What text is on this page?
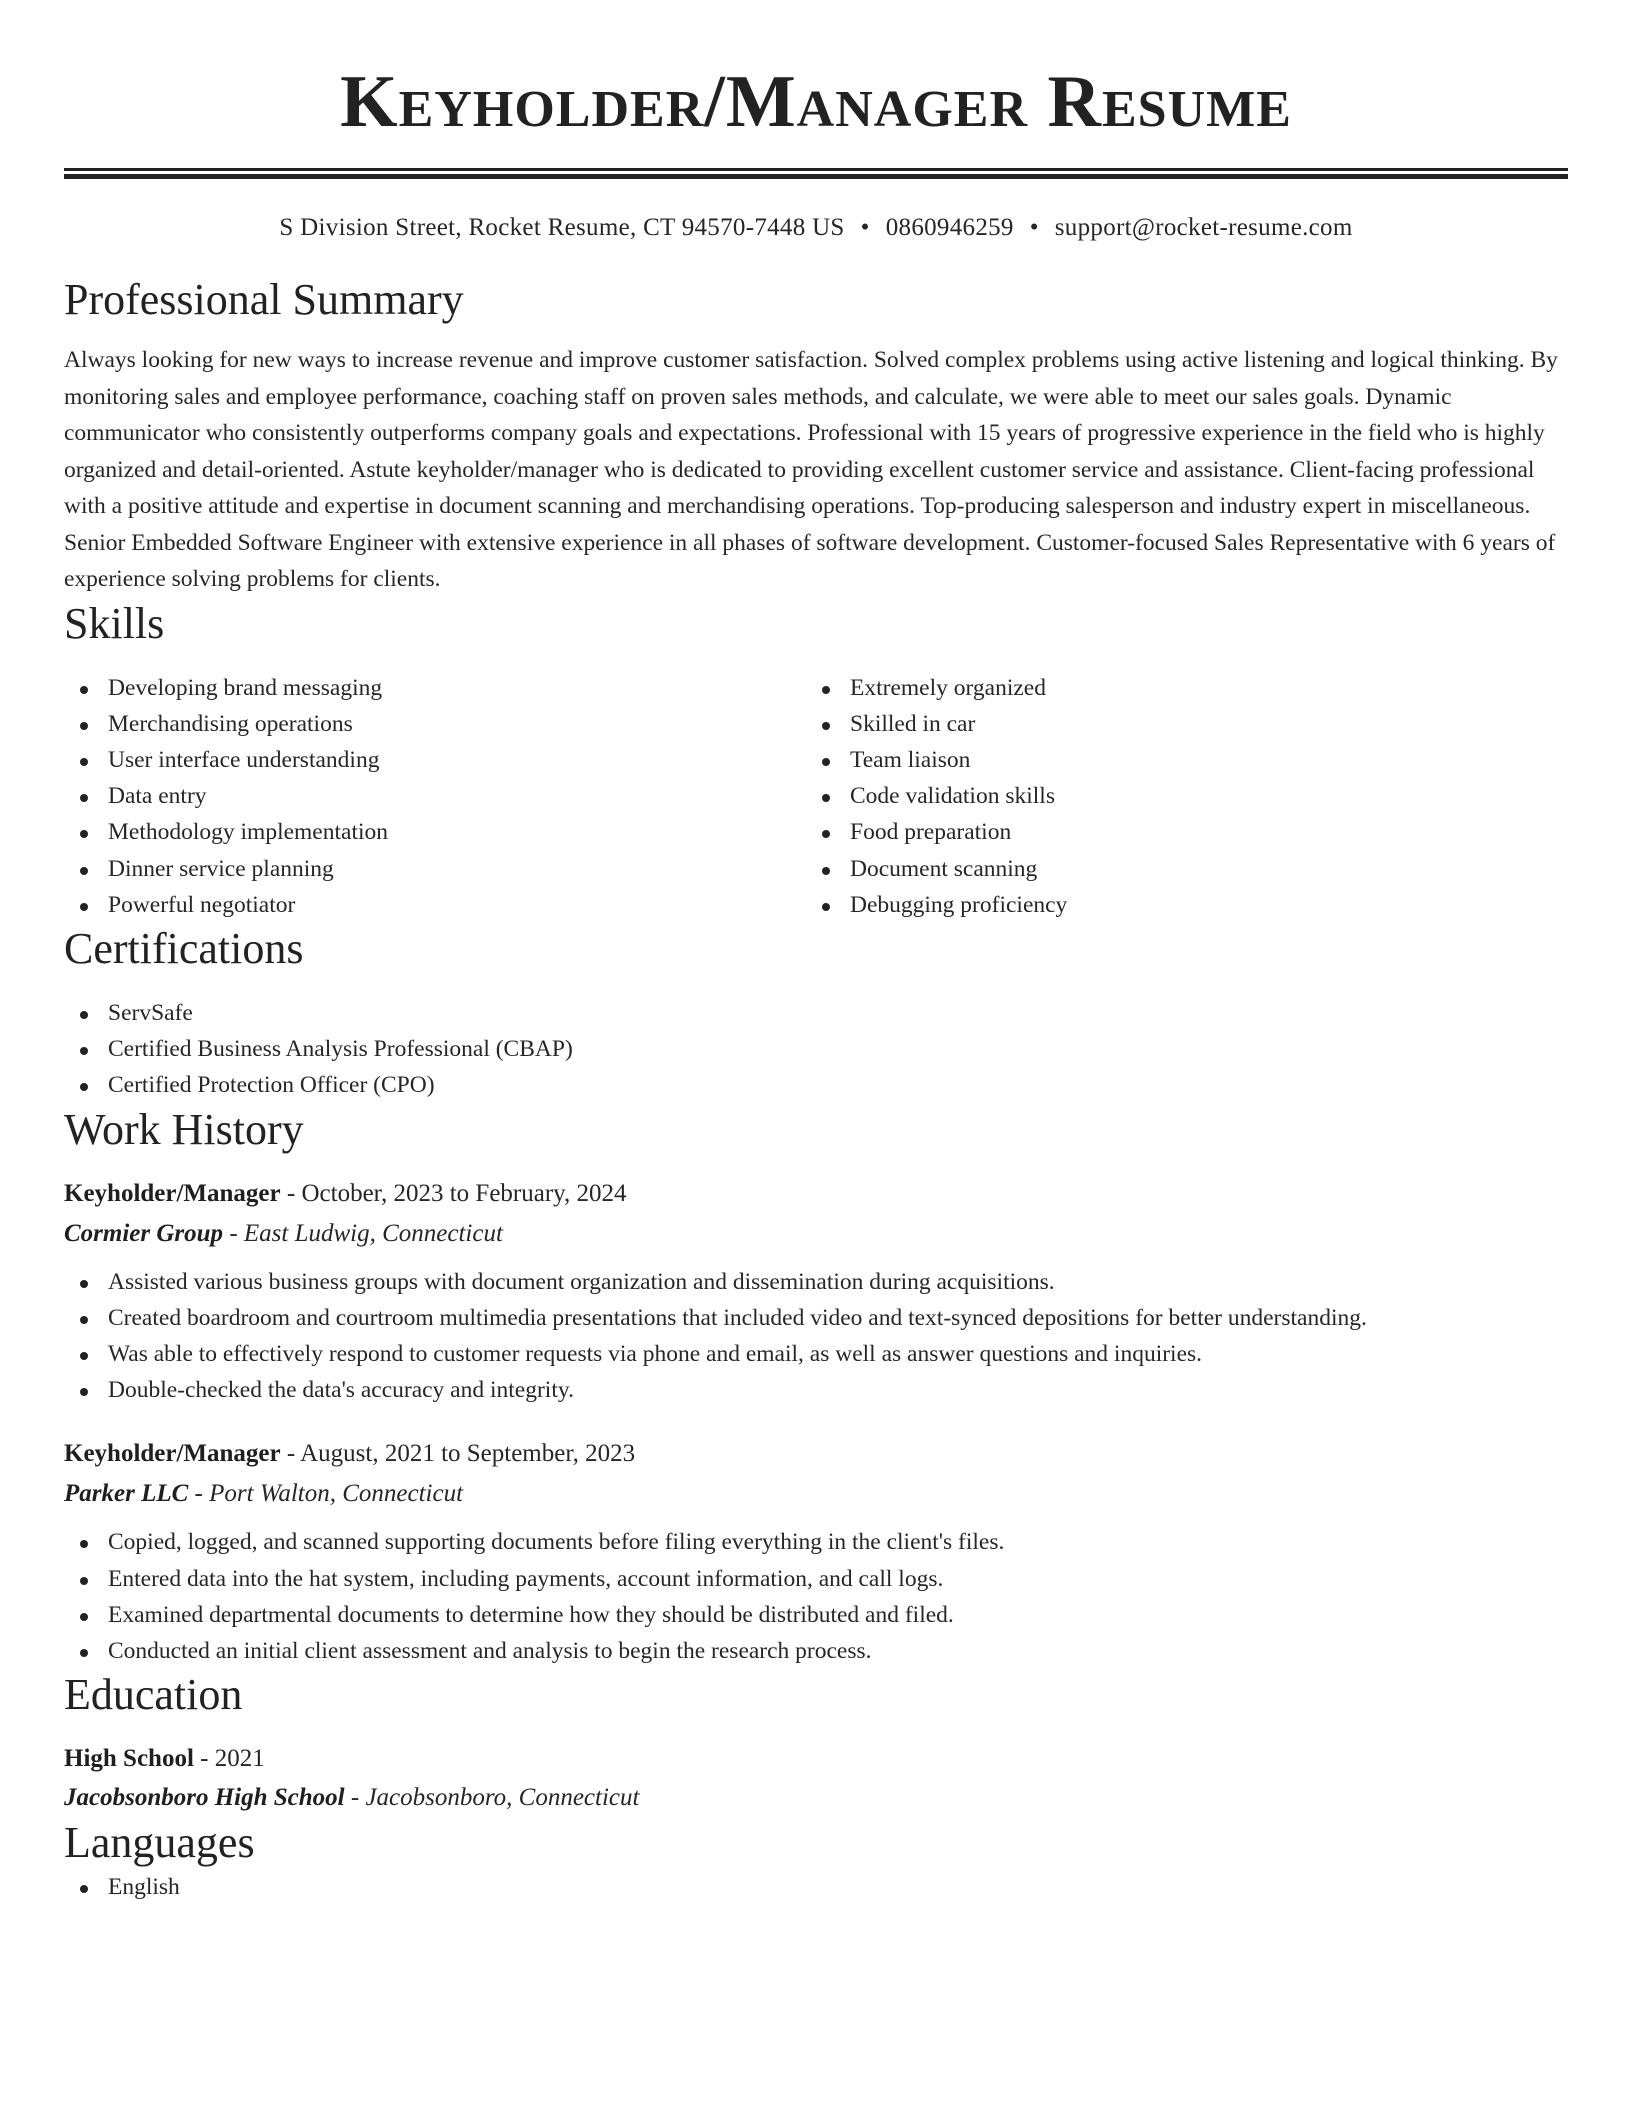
Keyholder/Manager Resume
S Division Street, Rocket Resume, CT 94570-7448 US • 0860946259 • support@rocket-resume.com
Professional Summary

Always looking for new ways to increase revenue and improve customer satisfaction. Solved complex problems using active listening and logical thinking. By monitoring sales and employee performance, coaching staff on proven sales methods, and calculate, we were able to meet our sales goals. Dynamic communicator who consistently outperforms company goals and expectations. Professional with 15 years of progressive experience in the field who is highly organized and detail-oriented. Astute keyholder/manager who is dedicated to providing excellent customer service and assistance. Client-facing professional with a positive attitude and expertise in document scanning and merchandising operations. Top-producing salesperson and industry expert in miscellaneous. Senior Embedded Software Engineer with extensive experience in all phases of software development. Customer-focused Sales Representative with 6 years of experience solving problems for clients.

Skills
Developing brand messaging
Merchandising operations
User interface understanding
Data entry
Methodology implementation
Dinner service planning
Powerful negotiator
Extremely organized
Skilled in car
Team liaison
Code validation skills
Food preparation
Document scanning
Debugging proficiency
Certifications
ServSafe
Certified Business Analysis Professional (CBAP)
Certified Protection Officer (CPO)
Work History
Keyholder/Manager - October, 2023 to February, 2024
Cormier Group - East Ludwig, Connecticut
Assisted various business groups with document organization and dissemination during acquisitions.
Created boardroom and courtroom multimedia presentations that included video and text-synced depositions for better understanding.
Was able to effectively respond to customer requests via phone and email, as well as answer questions and inquiries.
Double-checked the data's accuracy and integrity.
Keyholder/Manager - August, 2021 to September, 2023
Parker LLC - Port Walton, Connecticut
Copied, logged, and scanned supporting documents before filing everything in the client's files.
Entered data into the hat system, including payments, account information, and call logs.
Examined departmental documents to determine how they should be distributed and filed.
Conducted an initial client assessment and analysis to begin the research process.
Education
High School - 2021
Jacobsonboro High School - Jacobsonboro, Connecticut
Languages
English
